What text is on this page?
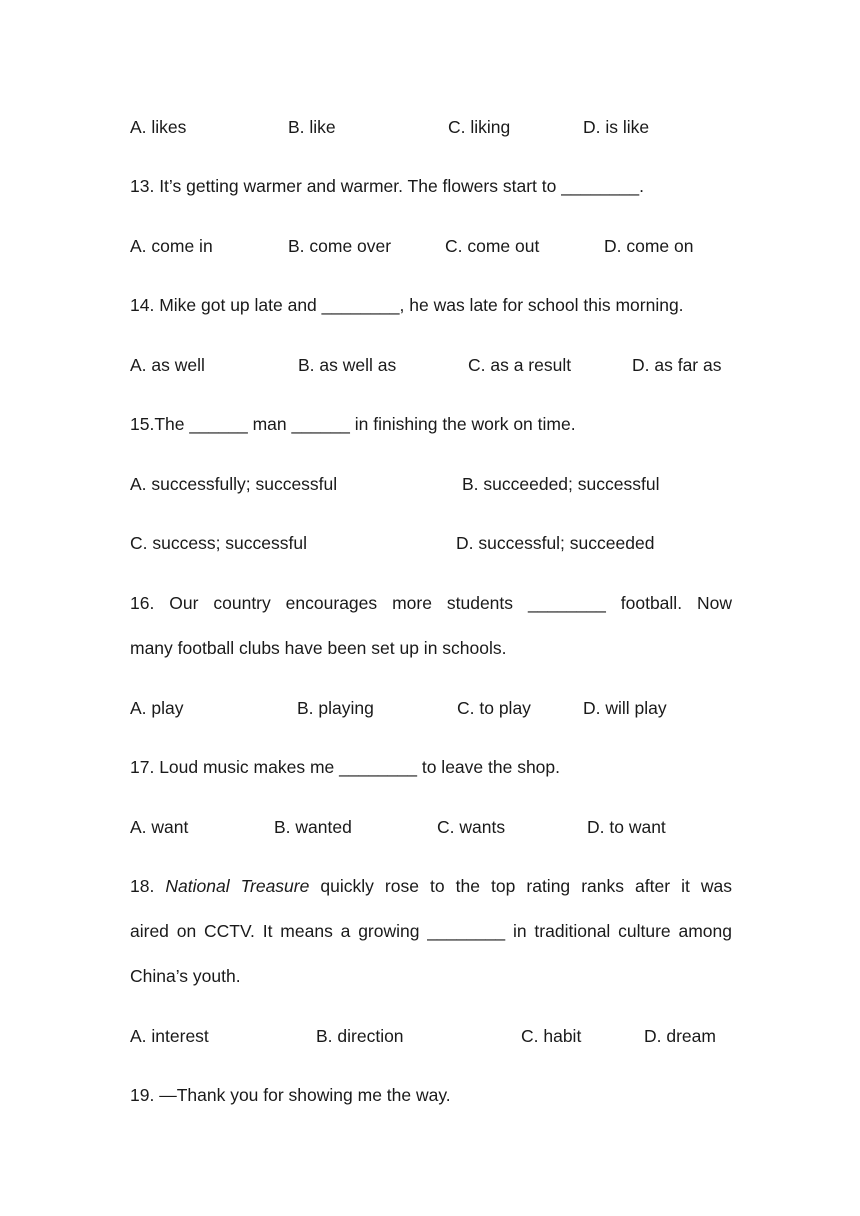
A. likes	B. like	C. liking	D. is like
13. It’s getting warmer and warmer. The flowers start to ________.
A. come in	B. come over	C. come out	D. come on
14. Mike got up late and ________, he was late for school this morning.
A. as well	B. as well as	C. as a result	D. as far as
15.The ______ man ______ in finishing the work on time.
A. successfully; successful	B. succeeded; successful
C. success; successful	D. successful; succeeded
16. Our country encourages more students ________ football. Now
many football clubs have been set up in schools.
A. play	B. playing	C. to play	D. will play
17. Loud music makes me ________ to leave the shop.
A. want	B. wanted	C. wants	D. to want
18. National Treasure quickly rose to the top rating ranks after it was
aired on CCTV. It means a growing ________ in traditional culture among
China’s youth.
A. interest	B. direction	C. habit	D. dream
19. —Thank you for showing me the way.
